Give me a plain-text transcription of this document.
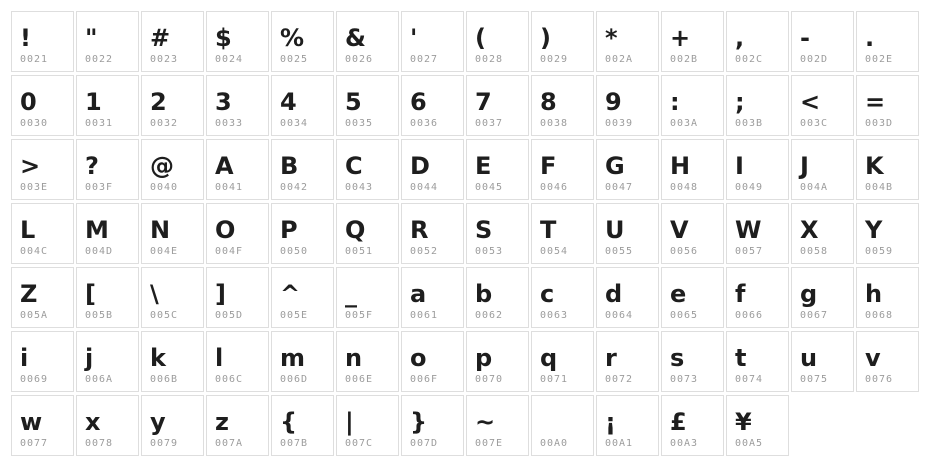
!
0021
"
0022
#
0023
$
0024
%
0025
&
0026
'
0027
(
0028
)
0029
*
002A
+
002B
,
002C
-
002D
.
002E
0
0030
1
0031
2
0032
3
0033
4
0034
5
0035
6
0036
7
0037
8
0038
9
0039
:
003A
;
003B
<
003C
=
003D
>
003E
?
003F
@
0040
A
0041
B
0042
C
0043
D
0044
E
0045
F
0046
G
0047
H
0048
I
0049
J
004A
K
004B
L
004C
M
004D
N
004E
O
004F
P
0050
Q
0051
R
0052
S
0053
T
0054
U
0055
V
0056
W
0057
X
0058
Y
0059
Z
005A
[
005B
\
005C
]
005D
^
005E
_
005F
a
0061
b
0062
c
0063
d
0064
e
0065
f
0066
g
0067
h
0068
i
0069
j
006A
k
006B
l
006C
m
006D
n
006E
o
006F
p
0070
q
0071
r
0072
s
0073
t
0074
u
0075
v
0076
w
0077
x
0078
y
0079
z
007A
{
007B
|
007C
}
007D
~
007E	00A0
¡
00A1
£
00A3
¥
00A5
